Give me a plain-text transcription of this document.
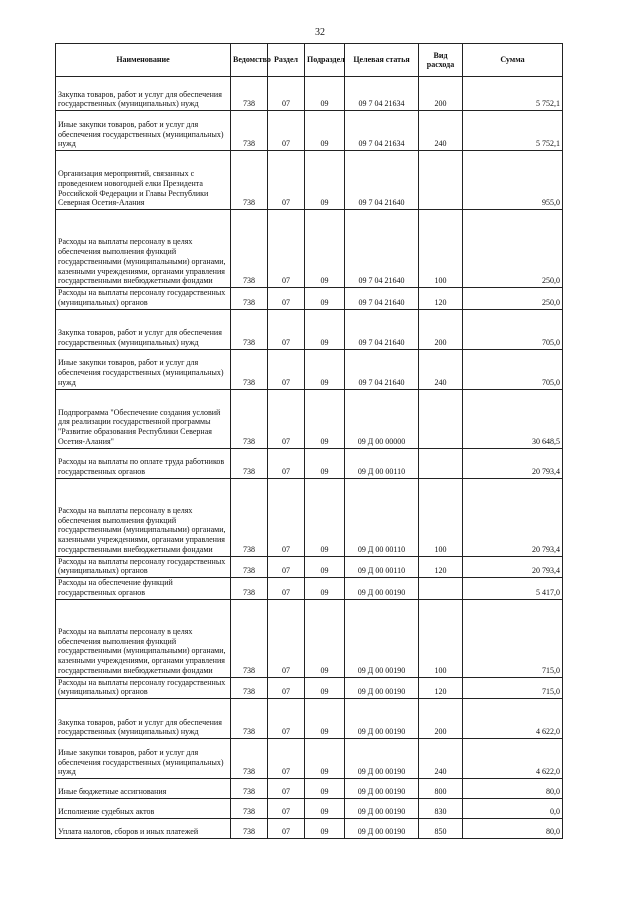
32
Наименование	Ведомство	Раздел	Подраздел	Целевая статья	Вид расхода	Сумма
Закупка товаров, работ и услуг для обеспечения государственных (муниципальных) нужд	738	07	09	09 7 04 21634	200	5 752,1
Иные закупки товаров, работ и услуг для обеспечения государственных (муниципальных) нужд	738	07	09	09 7 04 21634	240	5 752,1
Организация мероприятий, связанных с проведением новогодней елки Президента Российской Федерации и Главы Республики Северная Осетия-Алания	738	07	09	09 7 04 21640		955,0
Расходы на выплаты персоналу в целях обеспечения выполнения функций государственными (муниципальными) органами, казенными учреждениями, органами управления государственными внебюджетными фондами	738	07	09	09 7 04 21640	100	250,0
Расходы на выплаты персоналу государственных (муниципальных) органов	738	07	09	09 7 04 21640	120	250,0
Закупка товаров, работ и услуг для обеспечения государственных (муниципальных) нужд	738	07	09	09 7 04 21640	200	705,0
Иные закупки товаров, работ и услуг для обеспечения государственных (муниципальных) нужд	738	07	09	09 7 04 21640	240	705,0
Подпрограмма "Обеспечение создания условий для реализации государственной программы "Развитие образования Республики Северная Осетия-Алания"	738	07	09	09 Д 00 00000		30 648,5
Расходы на выплаты по оплате труда работников государственных органов	738	07	09	09 Д 00 00110		20 793,4
Расходы на выплаты персоналу в целях обеспечения выполнения функций государственными (муниципальными) органами, казенными учреждениями, органами управления государственными внебюджетными фондами	738	07	09	09 Д 00 00110	100	20 793,4
Расходы на выплаты персоналу государственных (муниципальных) органов	738	07	09	09 Д 00 00110	120	20 793,4
Расходы на обеспечение функций государственных органов	738	07	09	09 Д 00 00190		5 417,0
Расходы на выплаты персоналу в целях обеспечения выполнения функций государственными (муниципальными) органами, казенными учреждениями, органами управления государственными внебюджетными фондами	738	07	09	09 Д 00 00190	100	715,0
Расходы на выплаты персоналу государственных (муниципальных) органов	738	07	09	09 Д 00 00190	120	715,0
Закупка товаров, работ и услуг для обеспечения государственных (муниципальных) нужд	738	07	09	09 Д 00 00190	200	4 622,0
Иные закупки товаров, работ и услуг для обеспечения государственных (муниципальных) нужд	738	07	09	09 Д 00 00190	240	4 622,0
Иные бюджетные ассигнования	738	07	09	09 Д 00 00190	800	80,0
Исполнение судебных актов	738	07	09	09 Д 00 00190	830	0,0
Уплата налогов, сборов и иных платежей	738	07	09	09 Д 00 00190	850	80,0
